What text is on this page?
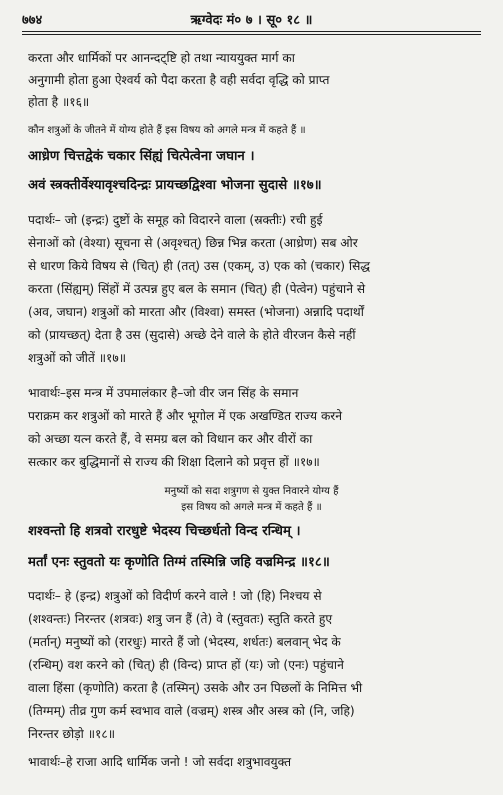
७७४	ऋग्वेदः मं० ७ । सू० १८ ॥
करता और धार्मिकों पर आनन्दट्ष्टि हो तथा न्याययुक्त मार्ग का
अनुगामी होता हुआ ऐश्वर्य को पैदा करता है वही सर्वदा वृद्धि को प्राप्त
होता है ॥१६॥
कौन शत्रुओं के जीतने में योग्य होते हैं इस विषय को अगले मन्त्र में कहते हैं ॥
आध्रेण चित्तद्वेकं चकार सिंह्यं चित्पेत्वेना जघान ।
अवं स्त्रक्तीर्वेश्यावृश्चदिन्द्रः प्रायच्छद्विश्वा भोजना सुदासे ॥१७॥
पदार्थः– जो (इन्द्रः) दुष्टों के समूह को विदारने वाला (स्रक्तीः) रची हुई
सेनाओं को (वेश्या) सूचना से (अवृश्चत्) छिन्न भिन्न करता (आध्रेण) सब ओर
से धारण किये विषय से (चित्) ही (तत्) उस (एकम्, उ) एक को (चकार) सिद्ध
करता (सिंह्यम्) सिंहों में उत्पन्न हुए बल के समान (चित्) ही (पेत्वेन) पहुंचाने से
(अव, जघान) शत्रुओं को मारता और (विश्वा) समस्त (भोजना) अन्नादि पदार्थों
को (प्रायच्छत्) देता है उस (सुदासे) अच्छे देने वाले के होते वीरजन कैसे नहीं
शत्रुओं को जीतें ॥१७॥
भावार्थः–इस मन्त्र में उपमालंकार है–जो वीर जन सिंह के समान
पराक्रम कर शत्रुओं को मारते हैं और भूगोल में एक अखण्डित राज्य करने
को अच्छा यत्न करते हैं, वे समग्र बल को विधान कर और वीरों का
सत्कार कर बुद्धिमानों से राज्य की शिक्षा दिलाने को प्रवृत्त हों ॥१७॥
मनुष्यों को सदा शत्रुगण से युक्त निवारने योग्य हैं
इस विषय को अगले मन्त्र में कहते हैं ॥
शश्वन्तो हि शत्रवो रारधुष्टे भेदस्य चिच्छर्धतो विन्द रन्धिम् ।
मर्तां एनः स्तुवतो यः कृणोति तिग्मं तस्मिन्नि जहि वज्रमिन्द्र ॥१८॥
पदार्थः– हे (इन्द्र) शत्रुओं को विदीर्ण करने वाले ! जो (हि) निश्चय से
(शश्वन्तः) निरन्तर (शत्रवः) शत्रु जन हैं (ते) वे (स्तुवतः) स्तुति करते हुए
(मर्तान्) मनुष्यों को (रारधुः) मारते हैं जो (भेदस्य, शर्धतः) बलवान् भेद के
(रन्धिम्) वश करने को (चित्) ही (विन्द) प्राप्त हों (यः) जो (एनः) पहुंचाने
वाला हिंसा (कृणोति) करता है (तस्मिन्) उसके और उन पिछलों के निमित्त भी
(तिग्मम्) तीव्र गुण कर्म स्वभाव वाले (वज्रम्) शस्त्र और अस्त्र को (नि, जहि)
निरन्तर छोड़ो ॥१८॥
भावार्थः–हे राजा आदि धार्मिक जनो ! जो सर्वदा शत्रुभावयुक्त
